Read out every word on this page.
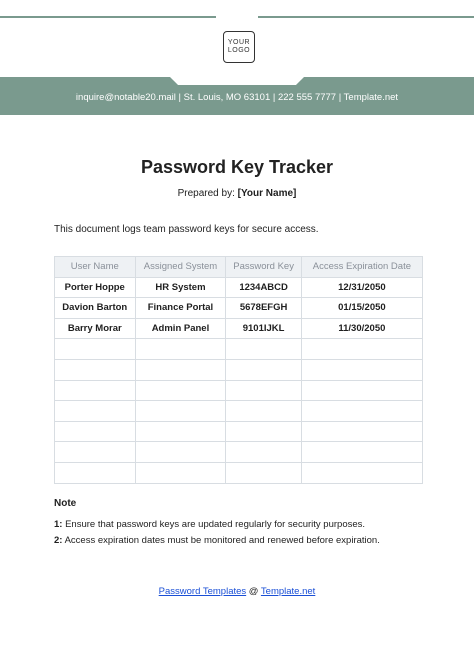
YOUR
LOGO
inquire@notable20.mail | St. Louis, MO 63101 | 222 555 7777 | Template.net
Password Key Tracker
Prepared by: [Your Name]
This document logs team password keys for secure access.
User Name	Assigned System	Password Key	Access Expiration Date
Porter Hoppe	HR System	1234ABCD	12/31/2050
Davion Barton	Finance Portal	5678EFGH	01/15/2050
Barry Morar	Admin Panel	9101IJKL	11/30/2050

Note
1: Ensure that password keys are updated regularly for security purposes.
2: Access expiration dates must be monitored and renewed before expiration.
Password Templates @ Template.net
